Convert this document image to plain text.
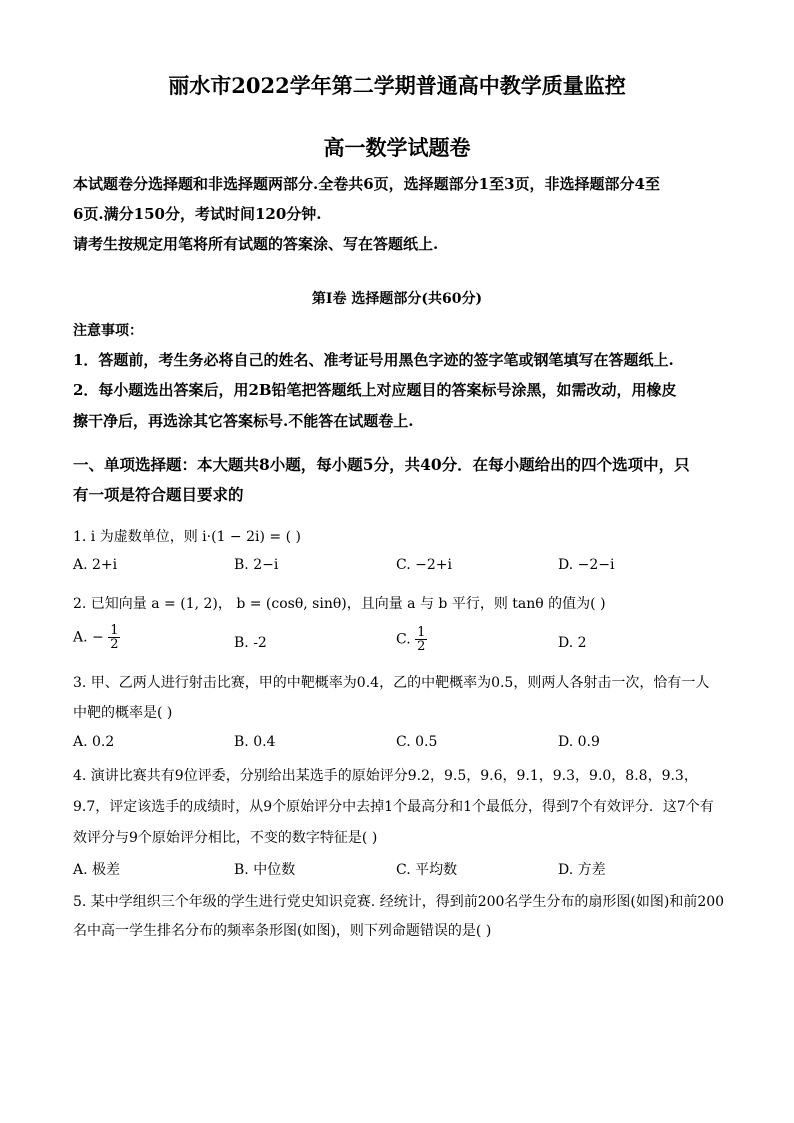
丽水市2022学年第二学期普通高中教学质量监控
高一数学试题卷
本试题卷分选择题和非选择题两部分.全卷共6页，选择题部分1至3页，非选择题部分4至
6页.满分150分，考试时间120分钟.
请考生按规定用笔将所有试题的答案涂、写在答题纸上.
第Ⅰ卷 选择题部分(共60分)
注意事项：
1．答题前，考生务必将自己的姓名、准考证号用黑色字迹的签字笔或钢笔填写在答题纸上.
2．每小题选出答案后，用2B铅笔把答题纸上对应题目的答案标号涂黑，如需改动，用橡皮
擦干净后，再选涂其它答案标号.不能答在试题卷上.
一、单项选择题：本大题共8小题，每小题5分，共40分．在每小题给出的四个选项中，只
有一项是符合题目要求的
1. i 为虚数单位，则 i·(1 − 2i) = ( )
A. 2+i	B. 2−i	C. −2+i	D. −2−i
2. 已知向量 a = (1, 2)， b = (cosθ, sinθ)，且向量 a 与 b 平行，则 tanθ 的值为( )
A. − $\frac{1}{2}$	B. -2	C. $\frac{1}{2}$	D. 2
3. 甲、乙两人进行射击比赛，甲的中靶概率为0.4，乙的中靶概率为0.5，则两人各射击一次，恰有一人
中靶的概率是( )
A. 0.2	B. 0.4	C. 0.5	D. 0.9
4. 演讲比赛共有9位评委，分别给出某选手的原始评分9.2，9.5，9.6，9.1，9.3，9.0，8.8，9.3，
9.7，评定该选手的成绩时，从9个原始评分中去掉1个最高分和1个最低分，得到7个有效评分．这7个有
效评分与9个原始评分相比，不变的数字特征是( )
A. 极差	B. 中位数	C. 平均数	D. 方差
5. 某中学组织三个年级的学生进行党史知识竞赛. 经统计，得到前200名学生分布的扇形图(如图)和前200
名中高一学生排名分布的频率条形图(如图)，则下列命题错误的是( )
